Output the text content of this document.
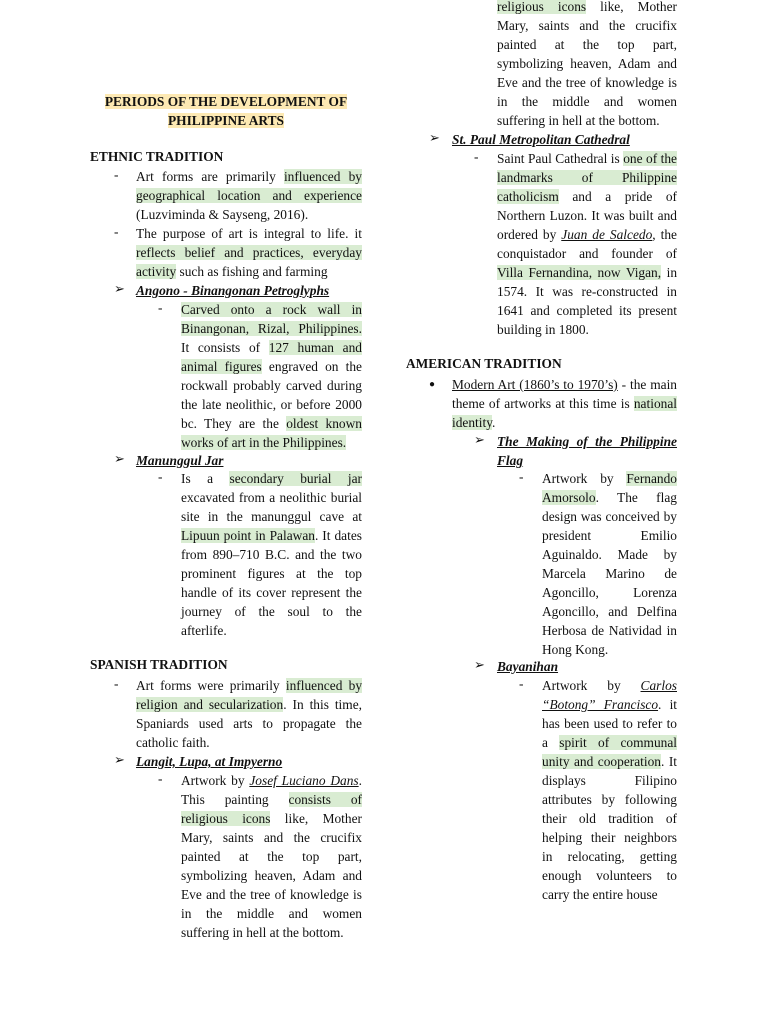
PERIODS OF THE DEVELOPMENT OF
PHILIPPINE ARTS
ETHNIC TRADITION
- Art forms are primarily influenced by geographical location and experience (Luzviminda & Sayseng, 2016).
- The purpose of art is integral to life. it reflects belief and practices, everyday activity such as fishing and farming
➢ Angono - Binangonan Petroglyphs
- Carved onto a rock wall in Binangonan, Rizal, Philippines. It consists of 127 human and animal figures engraved on the rockwall probably carved during the late neolithic, or before 2000 bc. They are the oldest known works of art in the Philippines.
➢ Manunggul Jar
- Is a secondary burial jar excavated from a neolithic burial site in the manunggul cave at Lipuun point in Palawan. It dates from 890–710 B.C. and the two prominent figures at the top handle of its cover represent the journey of the soul to the afterlife.
SPANISH TRADITION
- Art forms were primarily influenced by religion and secularization. In this time, Spaniards used arts to propagate the catholic faith.
➢ Langit, Lupa, at Impyerno
- Artwork by Josef Luciano Dans. This painting consists of religious icons like, Mother Mary, saints and the crucifix painted at the top part, symbolizing heaven, Adam and Eve and the tree of knowledge is in the middle and women suffering in hell at the bottom.
religious icons like, Mother Mary, saints and the crucifix painted at the top part, symbolizing heaven, Adam and Eve and the tree of knowledge is in the middle and women suffering in hell at the bottom.
➢ St. Paul Metropolitan Cathedral
- Saint Paul Cathedral is one of the landmarks of Philippine catholicism and a pride of Northern Luzon. It was built and ordered by Juan de Salcedo, the conquistador and founder of Villa Fernandina, now Vigan, in 1574. It was re-constructed in 1641 and completed its present building in 1800.
AMERICAN TRADITION
● Modern Art (1860’s to 1970’s) - the main theme of artworks at this time is national identity.
➢ The Making of the Philippine Flag
- Artwork by Fernando Amorsolo. The flag design was conceived by president Emilio Aguinaldo. Made by Marcela Marino de Agoncillo, Lorenza Agoncillo, and Delfina Herbosa de Natividad in Hong Kong.
➢ Bayanihan
- Artwork by Carlos “Botong” Francisco. it has been used to refer to a spirit of communal unity and cooperation. It displays Filipino attributes by following their old tradition of helping their neighbors in relocating, getting enough volunteers to carry the entire house
